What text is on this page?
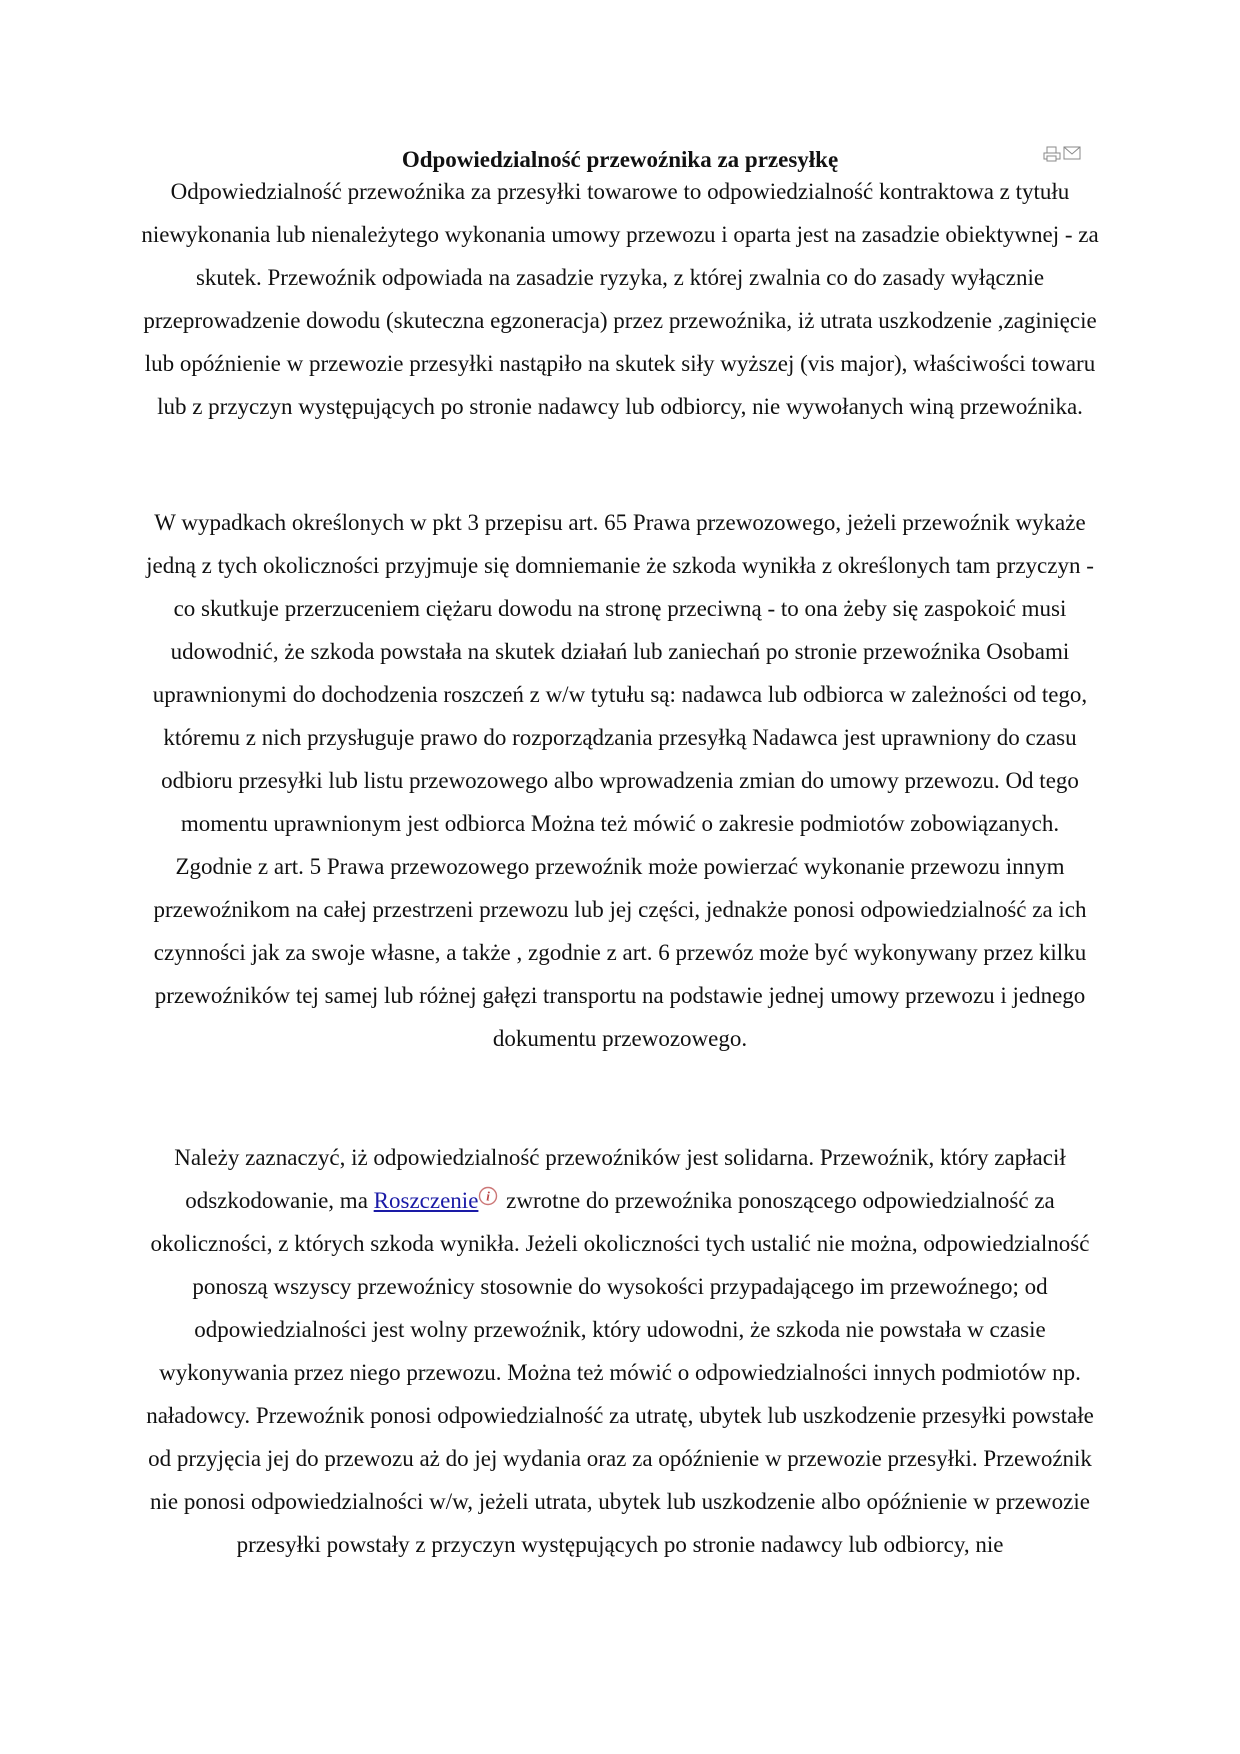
Odpowiedzialność przewoźnika za przesyłkę
Odpowiedzialność przewoźnika za przesyłki towarowe to odpowiedzialność kontraktowa z tytułu niewykonania lub nienależytego wykonania umowy przewozu i oparta jest na zasadzie obiektywnej - za skutek. Przewoźnik odpowiada na zasadzie ryzyka, z której zwalnia co do zasady wyłącznie przeprowadzenie dowodu (skuteczna egzoneracja) przez przewoźnika, iż utrata uszkodzenie ,zaginięcie lub opóźnienie w przewozie przesyłki nastąpiło na skutek siły wyższej (vis major), właściwości towaru lub z przyczyn występujących po stronie nadawcy lub odbiorcy, nie wywołanych winą przewoźnika.
W wypadkach określonych w pkt 3 przepisu art. 65 Prawa przewozowego, jeżeli przewoźnik wykaże jedną z tych okoliczności przyjmuje się domniemanie że szkoda wynikła z określonych tam przyczyn - co skutkuje przerzuceniem ciężaru dowodu na stronę przeciwną - to ona żeby się zaspokoić musi udowodnić, że szkoda powstała na skutek działań lub zaniechań po stronie przewoźnika Osobami uprawnionymi do dochodzenia roszczeń z w/w tytułu są: nadawca lub odbiorca w zależności od tego, któremu z nich przysługuje prawo do rozporządzania przesyłką Nadawca jest uprawniony do czasu odbioru przesyłki lub listu przewozowego albo wprowadzenia zmian do umowy przewozu. Od tego momentu uprawnionym jest odbiorca Można też mówić o zakresie podmiotów zobowiązanych. Zgodnie z art. 5 Prawa przewozowego przewoźnik może powierzać wykonanie przewozu innym przewoźnikom na całej przestrzeni przewozu lub jej części, jednakże ponosi odpowiedzialność za ich czynności jak za swoje własne, a także , zgodnie z art. 6 przewóz może być wykonywany przez kilku przewoźników tej samej lub różnej gałęzi transportu na podstawie jednej umowy przewozu i jednego dokumentu przewozowego.
Należy zaznaczyć, iż odpowiedzialność przewoźników jest solidarna. Przewoźnik, który zapłacił odszkodowanie, ma Roszczenie i zwrotne do przewoźnika ponoszącego odpowiedzialność za okoliczności, z których szkoda wynikła. Jeżeli okoliczności tych ustalić nie można, odpowiedzialność ponoszą wszyscy przewoźnicy stosownie do wysokości przypadającego im przewoźnego; od odpowiedzialności jest wolny przewoźnik, który udowodni, że szkoda nie powstała w czasie wykonywania przez niego przewozu. Można też mówić o odpowiedzialności innych podmiotów np. naładowcy. Przewoźnik ponosi odpowiedzialność za utratę, ubytek lub uszkodzenie przesyłki powstałe od przyjęcia jej do przewozu aż do jej wydania oraz za opóźnienie w przewozie przesyłki. Przewoźnik nie ponosi odpowiedzialności w/w, jeżeli utrata, ubytek lub uszkodzenie albo opóźnienie w przewozie przesyłki powstały z przyczyn występujących po stronie nadawcy lub odbiorcy, nie
